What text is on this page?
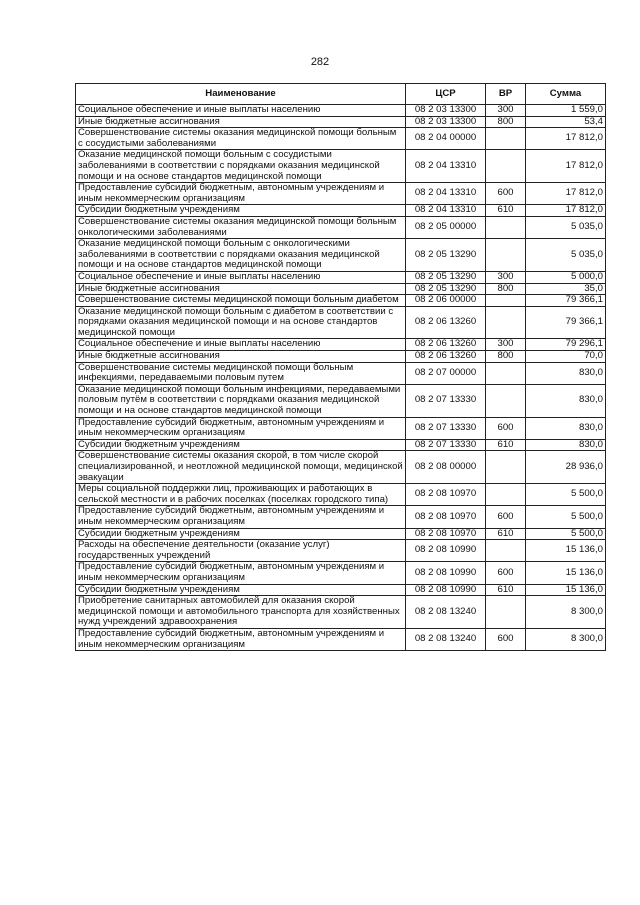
282
Наименование	ЦСР	ВР	Сумма
Социальное обеспечение и иные выплаты населению	08 2 03 13300	300	1 559,0
Иные бюджетные ассигнования	08 2 03 13300	800	53,4
Совершенствование системы оказания медицинской помощи больным с сосудистыми заболеваниями	08 2 04 00000		17 812,0
Оказание медицинской помощи больным с сосудистыми заболеваниями в соответствии с порядками оказания медицинской помощи и на основе стандартов медицинской помощи	08 2 04 13310		17 812,0
Предоставление субсидий бюджетным, автономным учреждениям и иным некоммерческим организациям	08 2 04 13310	600	17 812,0
Субсидии бюджетным учреждениям	08 2 04 13310	610	17 812,0
Совершенствование системы оказания медицинской помощи больным онкологическими заболеваниями	08 2 05 00000		5 035,0
Оказание медицинской помощи больным с онкологическими заболеваниями в соответствии с порядками оказания медицинской помощи и на основе стандартов медицинской помощи	08 2 05 13290		5 035,0
Социальное обеспечение и иные выплаты населению	08 2 05 13290	300	5 000,0
Иные бюджетные ассигнования	08 2 05 13290	800	35,0
Совершенствование системы медицинской помощи больным диабетом	08 2 06 00000		79 366,1
Оказание медицинской помощи больным с диабетом в соответствии с порядками оказания медицинской помощи и на основе стандартов медицинской помощи	08 2 06 13260		79 366,1
Социальное обеспечение и иные выплаты населению	08 2 06 13260	300	79 296,1
Иные бюджетные ассигнования	08 2 06 13260	800	70,0
Совершенствование системы медицинской помощи больным инфекциями, передаваемыми половым путем	08 2 07 00000		830,0
Оказание медицинской помощи больным инфекциями, передаваемыми половым путём в соответствии с порядками оказания медицинской помощи и на основе стандартов медицинской помощи	08 2 07 13330		830,0
Предоставление субсидий бюджетным, автономным учреждениям и иным некоммерческим организациям	08 2 07 13330	600	830,0
Субсидии бюджетным учреждениям	08 2 07 13330	610	830,0
Совершенствование системы оказания скорой, в том числе скорой специализированной, и неотложной медицинской помощи, медицинской эвакуации	08 2 08 00000		28 936,0
Меры социальной поддержки лиц, проживающих и работающих в сельской местности и в рабочих поселках (поселках городского типа)	08 2 08 10970		5 500,0
Предоставление субсидий бюджетным, автономным учреждениям и иным некоммерческим организациям	08 2 08 10970	600	5 500,0
Субсидии бюджетным учреждениям	08 2 08 10970	610	5 500,0
Расходы на обеспечение деятельности (оказание услуг) государственных учреждений	08 2 08 10990		15 136,0
Предоставление субсидий бюджетным, автономным учреждениям и иным некоммерческим организациям	08 2 08 10990	600	15 136,0
Субсидии бюджетным учреждениям	08 2 08 10990	610	15 136,0
Приобретение санитарных автомобилей для оказания скорой медицинской помощи и автомобильного транспорта для хозяйственных нужд учреждений здравоохранения	08 2 08 13240		8 300,0
Предоставление субсидий бюджетным, автономным учреждениям и иным некоммерческим организациям	08 2 08 13240	600	8 300,0
